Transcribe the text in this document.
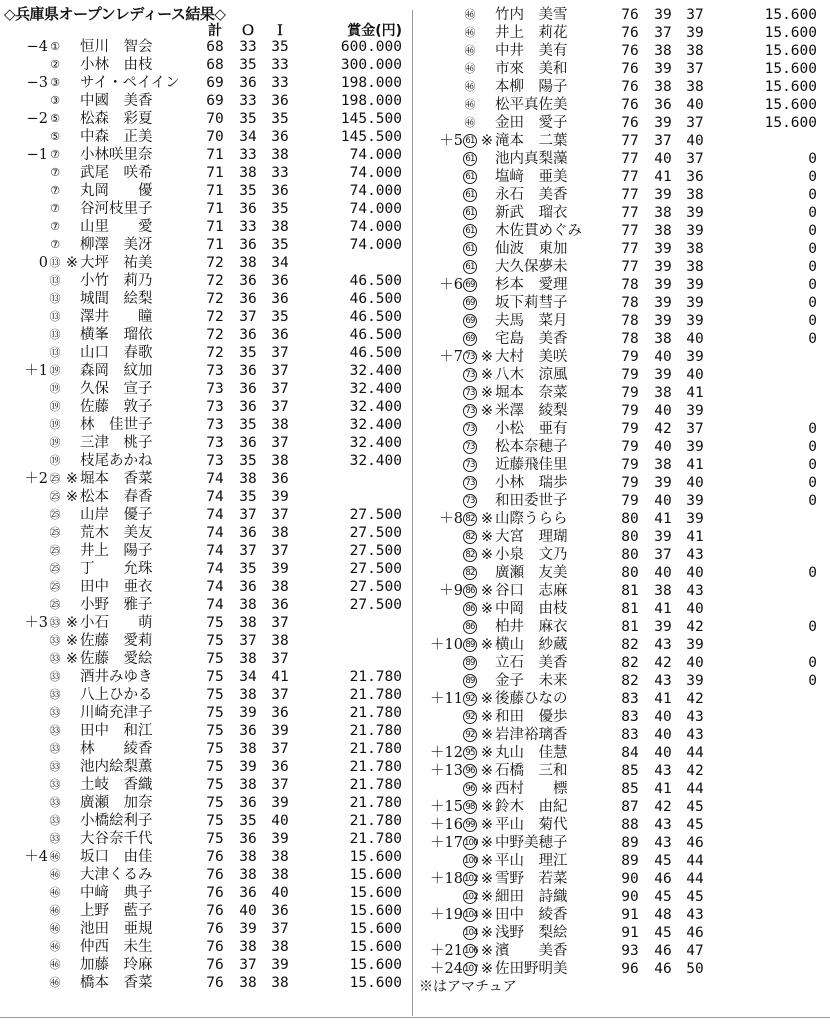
◇兵庫県オープンレディース結果◇
計	Ｏ	Ｉ	賞金(円)
−4 ① 恒川　智会	68	33	35	600.000
② 小林　由枝	68	35	33	300.000
−3 ③ サイ・ペイイン	69	36	33	198.000
③ 中國　美香	69	33	36	198.000
−2 ⑤ 松森　彩夏	70	35	35	145.500
⑤ 中森　正美	70	34	36	145.500
−1 ⑦ 小林咲里奈	71	33	38	74.000
⑦ 武尾　咲希	71	38	33	74.000
⑦ 丸岡　　優	71	35	36	74.000
⑦ 谷河枝里子	71	36	35	74.000
⑦ 山里　　愛	71	33	38	74.000
⑦ 柳澤　美冴	71	36	35	74.000
0 ⑬ ※ 大坪　祐美	72	38	34
⑬ 小竹　莉乃	72	36	36	46.500
⑬ 城間　絵梨	72	36	36	46.500
⑬ 澤井　　瞳	72	37	35	46.500
⑬ 横峯　瑠依	72	36	36	46.500
⑬ 山口　春歌	72	35	37	46.500
＋1 ⑲ 森岡　紋加	73	36	37	32.400
⑲ 久保　宣子	73	36	37	32.400
⑲ 佐藤　敦子	73	36	37	32.400
⑲ 林　佳世子	73	35	38	32.400
⑲ 三津　桃子	73	36	37	32.400
⑲ 枝尾あかね	73	35	38	32.400
＋2 ㉕ ※ 堀本　香菜	74	38	36
㉕ ※ 松本　春香	74	35	39
㉕ 山岸　優子	74	37	37	27.500
㉕ 荒木　美友	74	36	38	27.500
㉕ 井上　陽子	74	37	37	27.500
㉕ 丁　　允珠	74	35	39	27.500
㉕ 田中　亜衣	74	36	38	27.500
㉕ 小野　雅子	74	38	36	27.500
＋3 ㉝ ※ 小石　　萌	75	38	37
㉝ ※ 佐藤　愛莉	75	37	38
㉝ ※ 佐藤　愛絵	75	38	37
㉝ 酒井みゆき	75	34	41	21.780
㉝ 八上ひかる	75	38	37	21.780
㉝ 川崎充津子	75	39	36	21.780
㉝ 田中　和江	75	36	39	21.780
㉝ 林　　綾香	75	38	37	21.780
㉝ 池内絵梨薫	75	39	36	21.780
㉝ 土岐　香織	75	38	37	21.780
㉝ 廣瀬　加奈	75	36	39	21.780
㉝ 小橋絵利子	75	35	40	21.780
㉝ 大谷奈千代	75	36	39	21.780
＋4 ㊻ 坂口　由佳	76	38	38	15.600
㊻ 大津くるみ	76	38	38	15.600
㊻ 中﨑　典子	76	36	40	15.600
㊻ 上野　藍子	76	40	36	15.600
㊻ 池田　亜規	76	39	37	15.600
㊻ 仲西　未生	76	38	38	15.600
㊻ 加藤　玲麻	76	37	39	15.600
㊻ 橋本　香菜	76	38	38	15.600
㊻ 竹内　美雪	76	39	37	15.600
㊻ 井上　莉花	76	37	39	15.600
㊻ 中井　美有	76	38	38	15.600
㊻ 市來　美和	76	39	37	15.600
㊻ 本柳　陽子	76	38	38	15.600
㊻ 松平真佐美	76	36	40	15.600
㊻ 金田　愛子	76	39	37	15.600
＋5 61 ※ 滝本　二葉	77	37	40
61 池内真梨藻	77	40	37	0
61 塩﨑　亜美	77	41	36	0
61 永石　美香	77	39	38	0
61 新武　瑠衣	77	38	39	0
61 木佐貫めぐみ	77	38	39	0
61 仙波　東加	77	39	38	0
61 大久保夢未	77	39	38	0
＋6 69 杉本　愛理	78	39	39	0
69 坂下莉彗子	78	39	39	0
69 夫馬　菜月	78	39	39	0
69 宅島　美香	78	38	40	0
＋7 73 ※ 大村　美咲	79	40	39
73 ※ 八木　涼風	79	39	40
73 ※ 堀本　奈菜	79	38	41
73 ※ 米澤　綾梨	79	40	39
73 小松　亜有	79	42	37	0
73 松本奈穂子	79	40	39	0
73 近藤飛佳里	79	38	41	0
73 小林　瑞歩	79	39	40	0
73 和田委世子	79	40	39	0
＋8 82 ※ 山際うらら	80	41	39
82 ※ 大宮　理瑚	80	39	41
82 ※ 小泉　文乃	80	37	43
82 廣瀬　友美	80	40	40	0
＋9 86 ※ 谷口　志麻	81	38	43
86 ※ 中岡　由枝	81	41	40
86 柏井　麻衣	81	39	42	0
＋10 89 ※ 横山　紗蔵	82	43	39
89 立石　美香	82	42	40	0
89 金子　未来	82	43	39	0
＋11 92 ※ 後藤ひなの	83	41	42
92 ※ 和田　優歩	83	40	43
92 ※ 岩津裕璃香	83	40	43
＋12 95 ※ 丸山　佳慧	84	40	44
＋13 96 ※ 石橋　三和	85	43	42
96 ※ 西村　　標	85	41	44
＋15 98 ※ 鈴木　由紀	87	42	45
＋16 99 ※ 平山　菊代	88	43	45
＋17 100 ※ 中野美穂子	89	43	46
100 ※ 平山　理江	89	45	44
＋18 102 ※ 雪野　若菜	90	46	44
102 ※ 細田　詩織	90	45	45
＋19 104 ※ 田中　綾香	91	48	43
104 ※ 浅野　梨絵	91	45	46
＋21 106 ※ 濱　　美香	93	46	47
＋24 107 ※ 佐田野明美	96	46	50
※はアマチュア
